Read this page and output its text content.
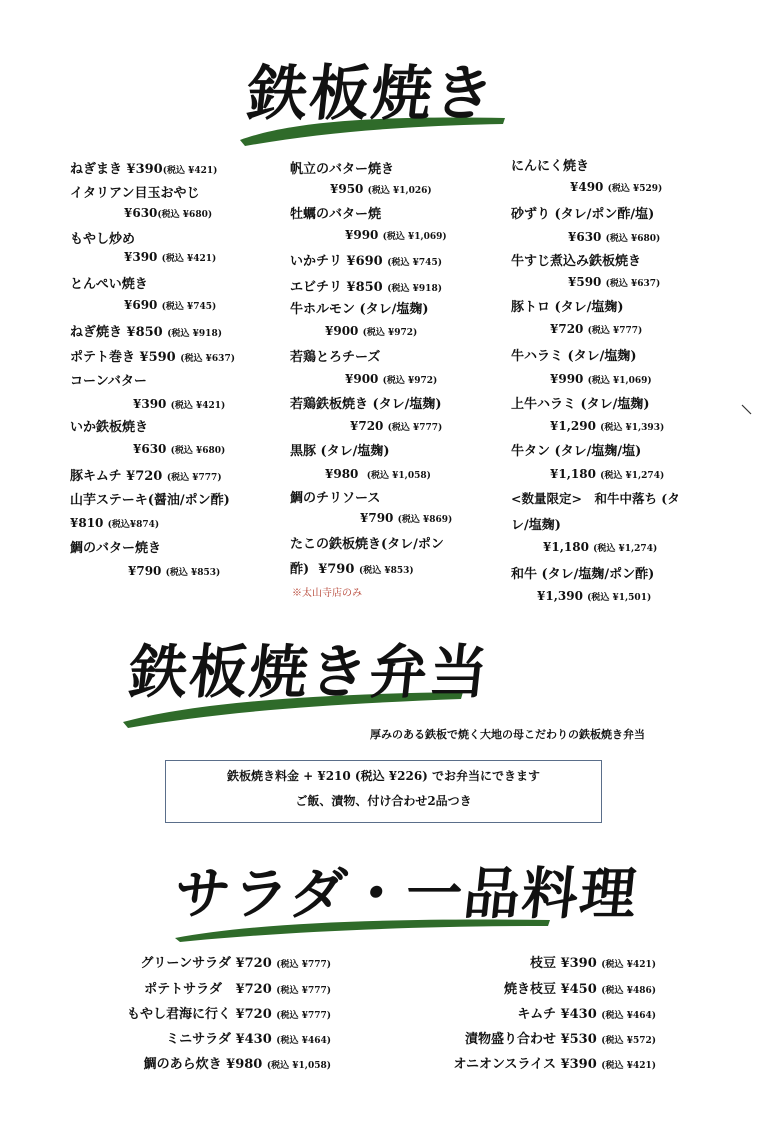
鉄板焼き
ねぎまき ¥390(税込 ¥421)
イタリアン目玉おやじ
¥630(税込 ¥680)
もやし炒め
¥390 (税込 ¥421)
とんぺい焼き
¥690 (税込 ¥745)
ねぎ焼き ¥850 (税込 ¥918)
ポテト巻き ¥590 (税込 ¥637)
コーンバター
¥390 (税込 ¥421)
いか鉄板焼き
¥630 (税込 ¥680)
豚キムチ ¥720 (税込 ¥777)
山芋ステーキ(醤油/ポン酢)
¥810 (税込¥874)
鯛のバター焼き
¥790 (税込 ¥853)
帆立のバター焼き
¥950 (税込 ¥1,026)
牡蠣のバター焼
¥990 (税込 ¥1,069)
いかチリ ¥690 (税込 ¥745)
エビチリ ¥850 (税込 ¥918)
牛ホルモン (タレ/塩麹)
¥900 (税込 ¥972)
若鶏とろチーズ
¥900 (税込 ¥972)
若鶏鉄板焼き (タレ/塩麹)
¥720 (税込 ¥777)
黒豚 (タレ/塩麹)
¥980 (税込 ¥1,058)
鯛のチリソース
¥790 (税込 ¥869)
たこの鉄板焼き(タレ/ポン
酢) ¥790 (税込 ¥853)
※太山寺店のみ
にんにく焼き
¥490 (税込 ¥529)
砂ずり (タレ/ポン酢/塩)
¥630 (税込 ¥680)
牛すじ煮込み鉄板焼き
¥590 (税込 ¥637)
豚トロ (タレ/塩麹)
¥720 (税込 ¥777)
牛ハラミ (タレ/塩麹)
¥990 (税込 ¥1,069)
上牛ハラミ (タレ/塩麹)
¥1,290 (税込 ¥1,393)
牛タン (タレ/塩麹/塩)
¥1,180 (税込 ¥1,274)
<数量限定>　和牛中落ち (タ
レ/塩麹)
¥1,180 (税込 ¥1,274)
和牛 (タレ/塩麹/ポン酢)
¥1,390 (税込 ¥1,501)
鉄板焼き弁当
厚みのある鉄板で焼く大地の母こだわりの鉄板焼き弁当
鉄板焼き料金 + ¥210 (税込 ¥226) でお弁当にできます
ご飯、漬物、付け合わせ2品つき
サラダ・一品料理
グリーンサラダ ¥720 (税込 ¥777)
ポテトサラダ ¥720 (税込 ¥777)
もやし君海に行く ¥720 (税込 ¥777)
ミニサラダ ¥430 (税込 ¥464)
鯛のあら炊き ¥980 (税込 ¥1,058)
枝豆 ¥390 (税込 ¥421)
焼き枝豆 ¥450 (税込 ¥486)
キムチ ¥430 (税込 ¥464)
漬物盛り合わせ ¥530 (税込 ¥572)
オニオンスライス ¥390 (税込 ¥421)
